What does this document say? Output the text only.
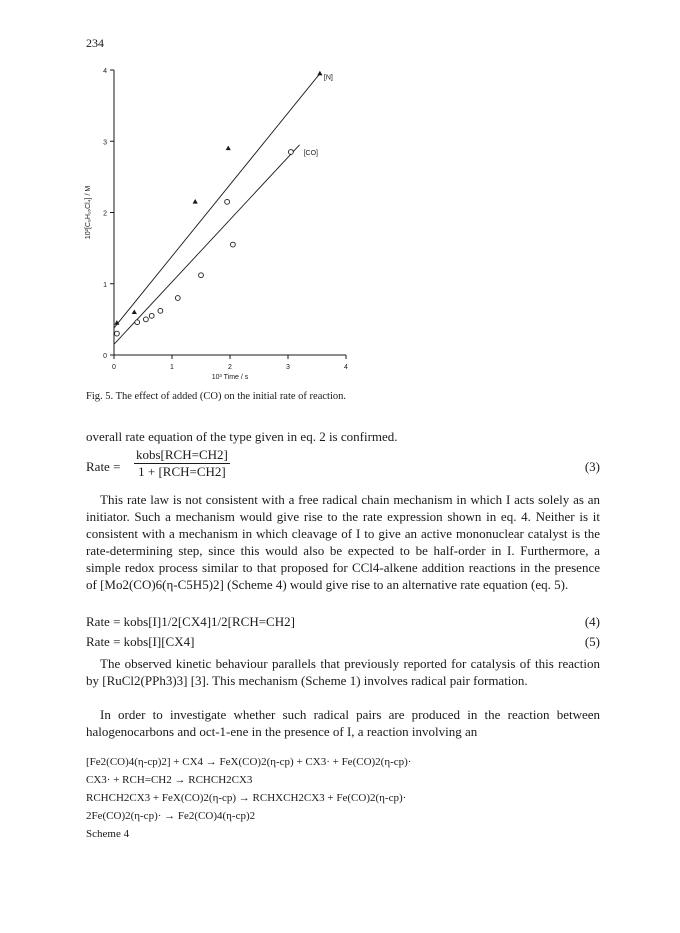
234
0	1	2	3	4
0
1
2
3
4
10³ Time / s
10²[C₈H₁₆Cl₄] / M
[N]
[CO]
Fig. 5. The effect of added (CO) on the initial rate of reaction.
overall rate equation of the type given in eq. 2 is confirmed.
Rate =
kobs[RCH=CH2]
1 + [RCH=CH2]	(3)
This rate law is not consistent with a free radical chain mechanism in which I acts solely as an initiator. Such a mechanism would give rise to the rate expression shown in eq. 4. Neither is it consistent with a mechanism in which cleavage of I to give an active mononuclear catalyst is the rate-determining step, since this would also be expected to be half-order in I. Furthermore, a simple redox process similar to that proposed for CCl4-alkene addition reactions in the presence of [Mo2(CO)6(η-C5H5)2] (Scheme 4) would give rise to an alternative rate equation (eq. 5).
Rate = kobs[I]1/2[CX4]1/2[RCH=CH2]	(4)
Rate = kobs[I][CX4]	(5)
The observed kinetic behaviour parallels that previously reported for catalysis of this reaction by [RuCl2(PPh3)3] [3]. This mechanism (Scheme 1) involves radical pair formation.
In order to investigate whether such radical pairs are produced in the reaction between halogenocarbons and oct-1-ene in the presence of I, a reaction involving an
[Fe2(CO)4(η-cp)2] + CX4 → FeX(CO)2(η-cp) + CX3· + Fe(CO)2(η-cp)·
CX3· + RCH=CH2 → RCHCH2CX3
RCHCH2CX3 + FeX(CO)2(η-cp) → RCHXCH2CX3 + Fe(CO)2(η-cp)·
2Fe(CO)2(η-cp)· → Fe2(CO)4(η-cp)2
Scheme 4
